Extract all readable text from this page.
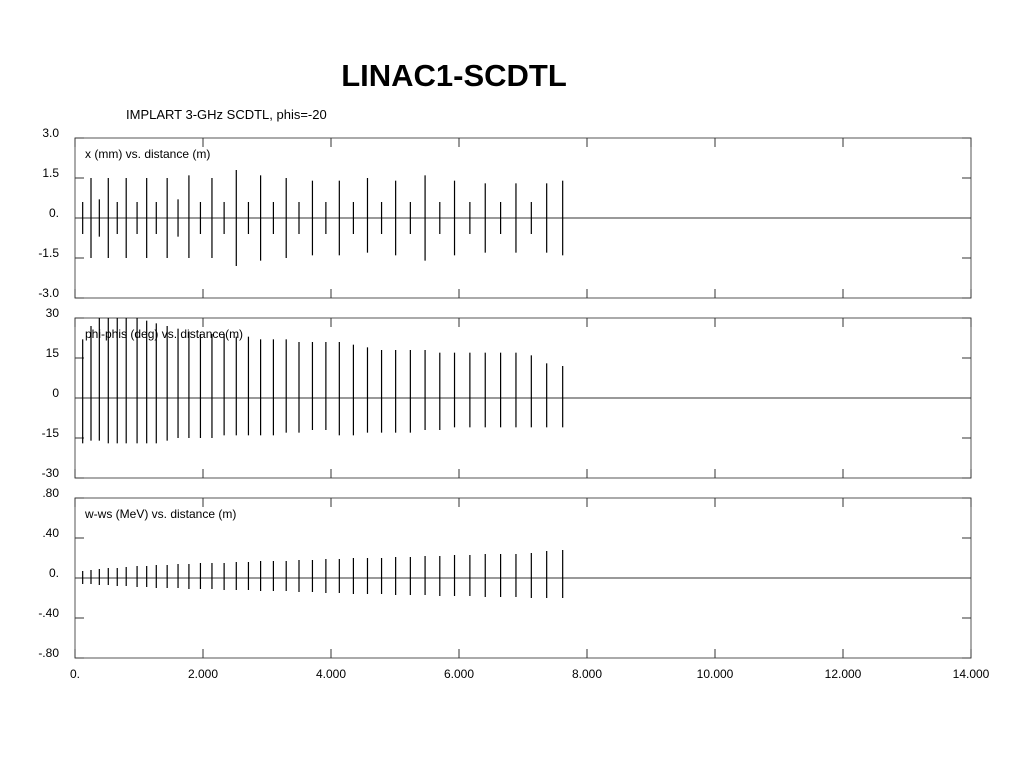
LINAC1-SCDTL
IMPLART 3-GHz SCDTL, phis=-20
3.0
1.5
0.
-1.5
-3.0
x (mm) vs. distance (m)
30
15
0
-15
-30
phi-phis (deg) vs. distance(m)
.80
.40
0.
-.40
-.80
w-ws (MeV) vs. distance (m)
0.	2.000	4.000	6.000	8.000	10.000	12.000	14.000
